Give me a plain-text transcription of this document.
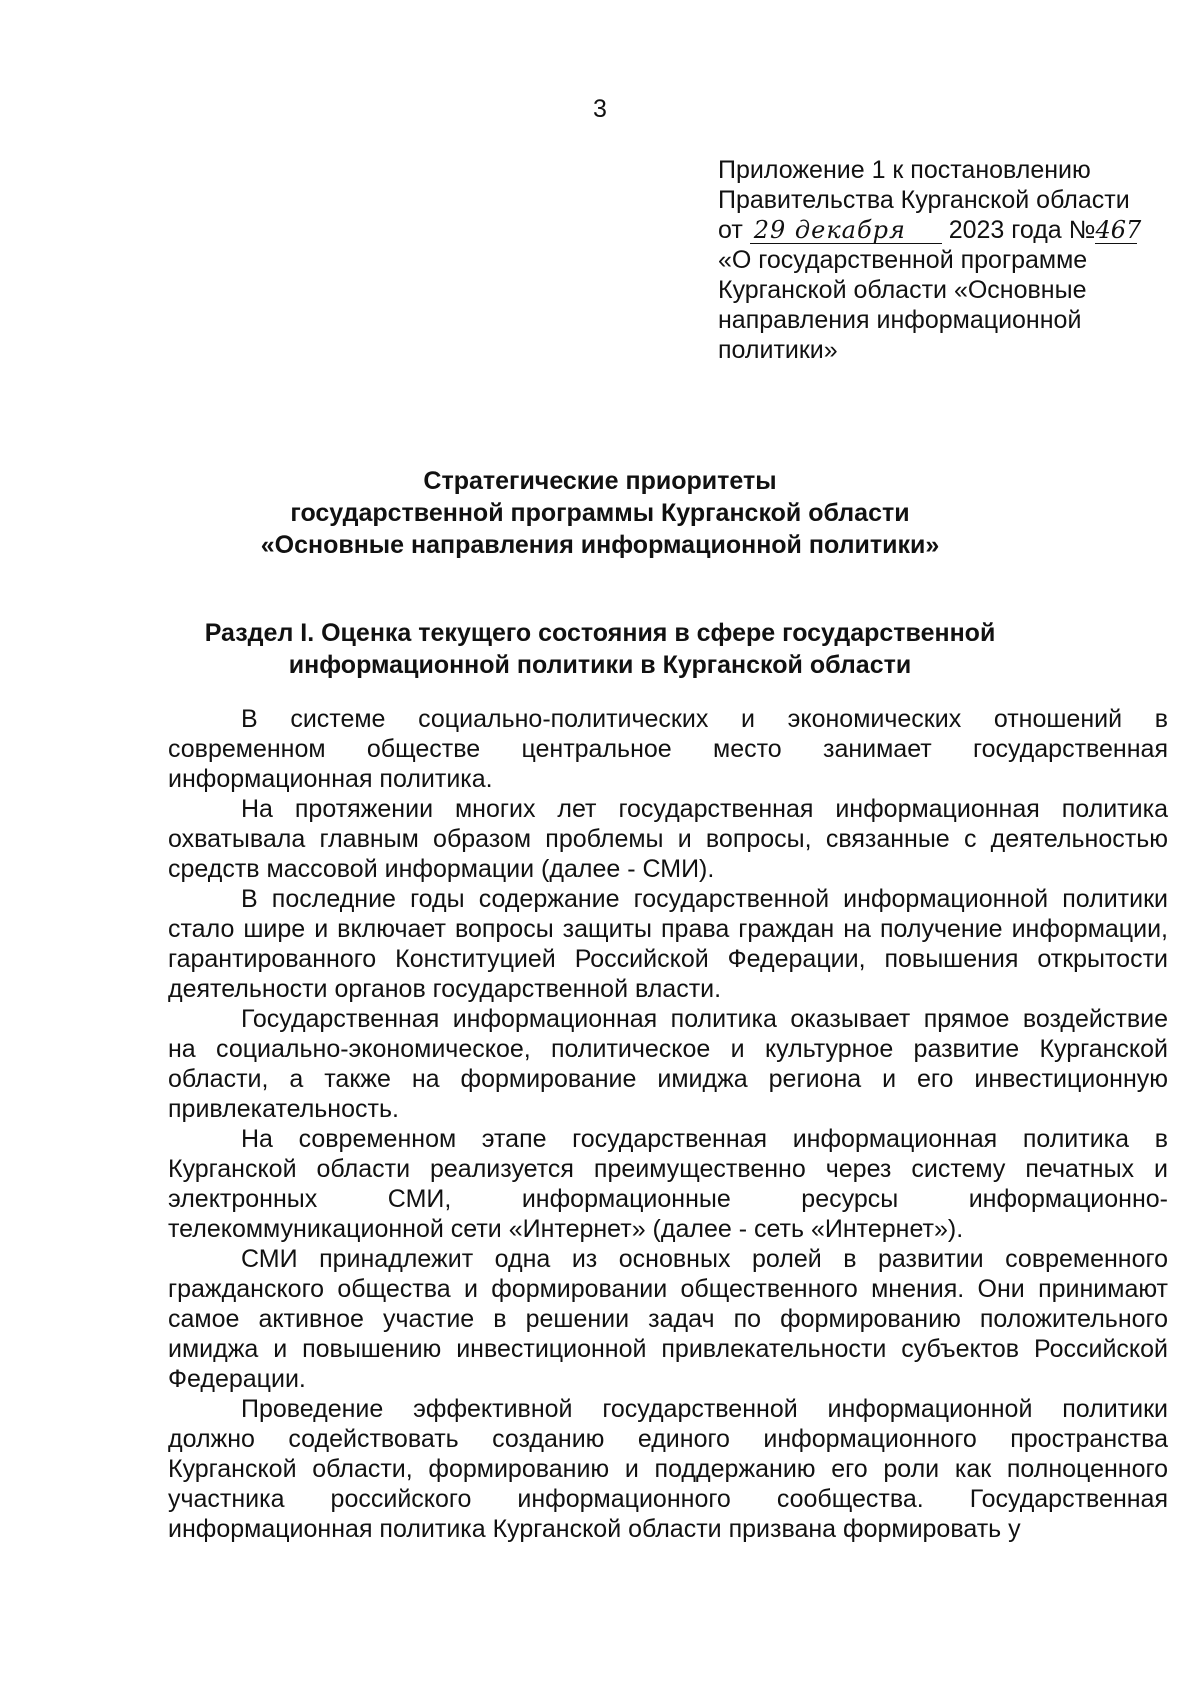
3
Приложение 1 к постановлению
Правительства Курганской области
от 29 декабря 2023 года №467
«О государственной программе
Курганской области «Основные
направления информационной
политики»
Стратегические приоритеты
государственной программы Курганской области
«Основные направления информационной политики»
Раздел I. Оценка текущего состояния в сфере государственной
информационной политики в Курганской области

В системе социально-политических и экономических отношений в современном обществе центральное место занимает государственная информационная политика.

На протяжении многих лет государственная информационная политика охватывала главным образом проблемы и вопросы, связанные с деятельностью средств массовой информации (далее - СМИ).

В последние годы содержание государственной информационной политики стало шире и включает вопросы защиты права граждан на получение информации, гарантированного Конституцией Российской Федерации, повышения открытости деятельности органов государственной власти.

Государственная информационная политика оказывает прямое воздействие на социально-экономическое, политическое и культурное развитие Курганской области, а также на формирование имиджа региона и его инвестиционную привлекательность.

На современном этапе государственная информационная политика в Курганской области реализуется преимущественно через систему печатных и электронных СМИ, информационные ресурсы информационно-телекоммуникационной сети «Интернет» (далее - сеть «Интернет»).

СМИ принадлежит одна из основных ролей в развитии современного гражданского общества и формировании общественного мнения. Они принимают самое активное участие в решении задач по формированию положительного имиджа и повышению инвестиционной привлекательности субъектов Российской Федерации.

Проведение эффективной государственной информационной политики должно содействовать созданию единого информационного пространства Курганской области, формированию и поддержанию его роли как полноценного участника российского информационного сообщества. Государственная информационная политика Курганской области призвана формировать у
